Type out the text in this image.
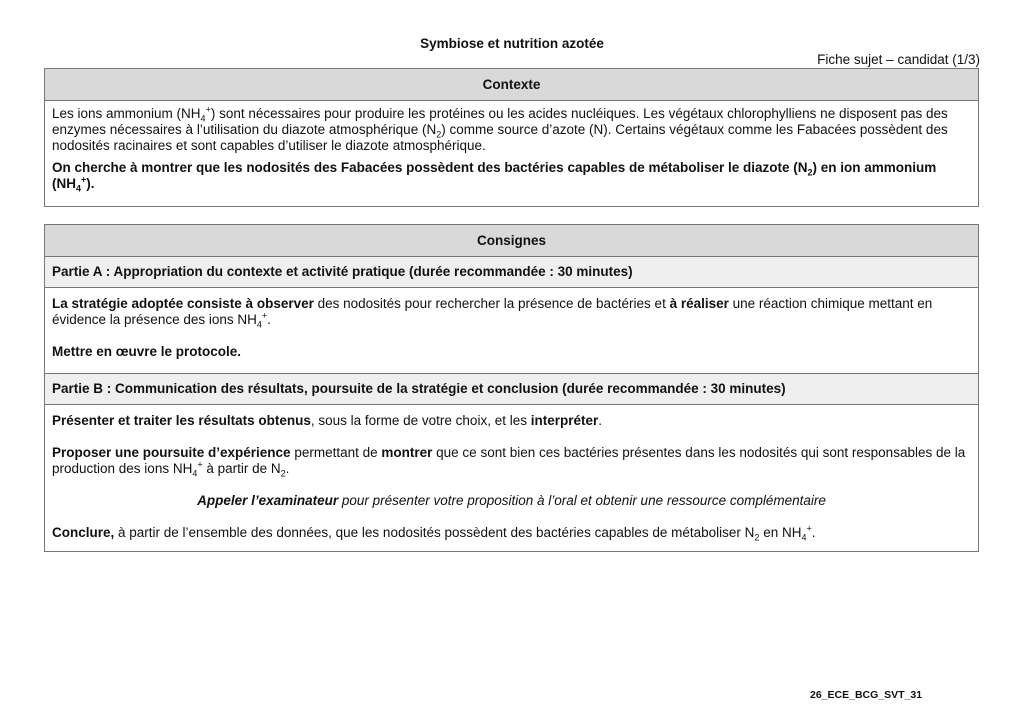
Symbiose et nutrition azotée
Fiche sujet – candidat (1/3)
Contexte

Les ions ammonium $(NH_4^+)$ sont nécessaires pour produire les protéines ou les acides nucléiques. Les végétaux chlorophylliens ne disposent pas des enzymes nécessaires à l’utilisation du diazote atmosphérique $(N_2)$ comme source d’azote (N). Certains végétaux comme les Fabacées possèdent des nodosités racinaires et sont capables d’utiliser le diazote atmosphérique.

On cherche à montrer que les nodosités des Fabacées possèdent des bactéries capables de métaboliser le diazote $(N_2)$ en ion ammonium $(NH_4^+)$.

Consignes
Partie A : Appropriation du contexte et activité pratique (durée recommandée : 30 minutes)

La stratégie adoptée consiste à observer des nodosités pour rechercher la présence de bactéries et à réaliser une réaction chimique mettant en évidence la présence des ions $NH_4^+$.

Mettre en œuvre le protocole.

Partie B : Communication des résultats, poursuite de la stratégie et conclusion (durée recommandée : 30 minutes)

Présenter et traiter les résultats obtenus, sous la forme de votre choix, et les interpréter.

Proposer une poursuite d’expérience permettant de montrer que ce sont bien ces bactéries présentes dans les nodosités qui sont responsables de la production des ions $NH_4^+$ à partir de $N_2$.

Appeler l’examinateur pour présenter votre proposition à l’oral et obtenir une ressource complémentaire

Conclure, à partir de l’ensemble des données, que les nodosités possèdent des bactéries capables de métaboliser $N_2$ en $NH_4^+$.

26_ECE_BCG_SVT_31
